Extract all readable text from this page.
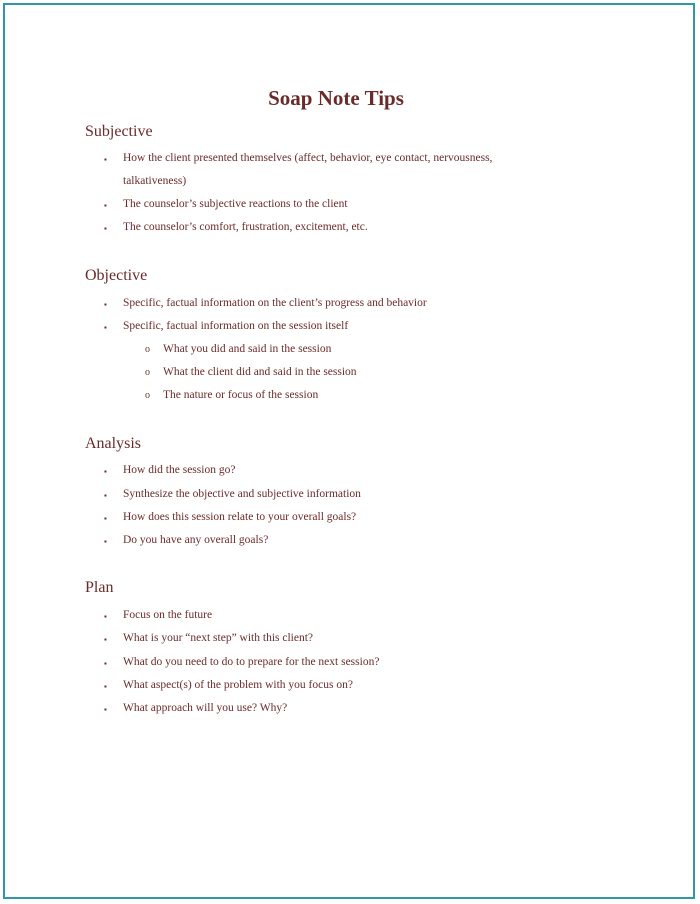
Soap Note Tips
Subjective
▪ How the client presented themselves (affect, behavior, eye contact, nervousness,
talkativeness)
▪ The counselor’s subjective reactions to the client
▪ The counselor’s comfort, frustration, excitement, etc.
Objective
▪ Specific, factual information on the client’s progress and behavior
▪ Specific, factual information on the session itself
o What you did and said in the session
o What the client did and said in the session
o The nature or focus of the session
Analysis
▪ How did the session go?
▪ Synthesize the objective and subjective information
▪ How does this session relate to your overall goals?
▪ Do you have any overall goals?
Plan
▪ Focus on the future
▪ What is your “next step” with this client?
▪ What do you need to do to prepare for the next session?
▪ What aspect(s) of the problem with you focus on?
▪ What approach will you use? Why?
